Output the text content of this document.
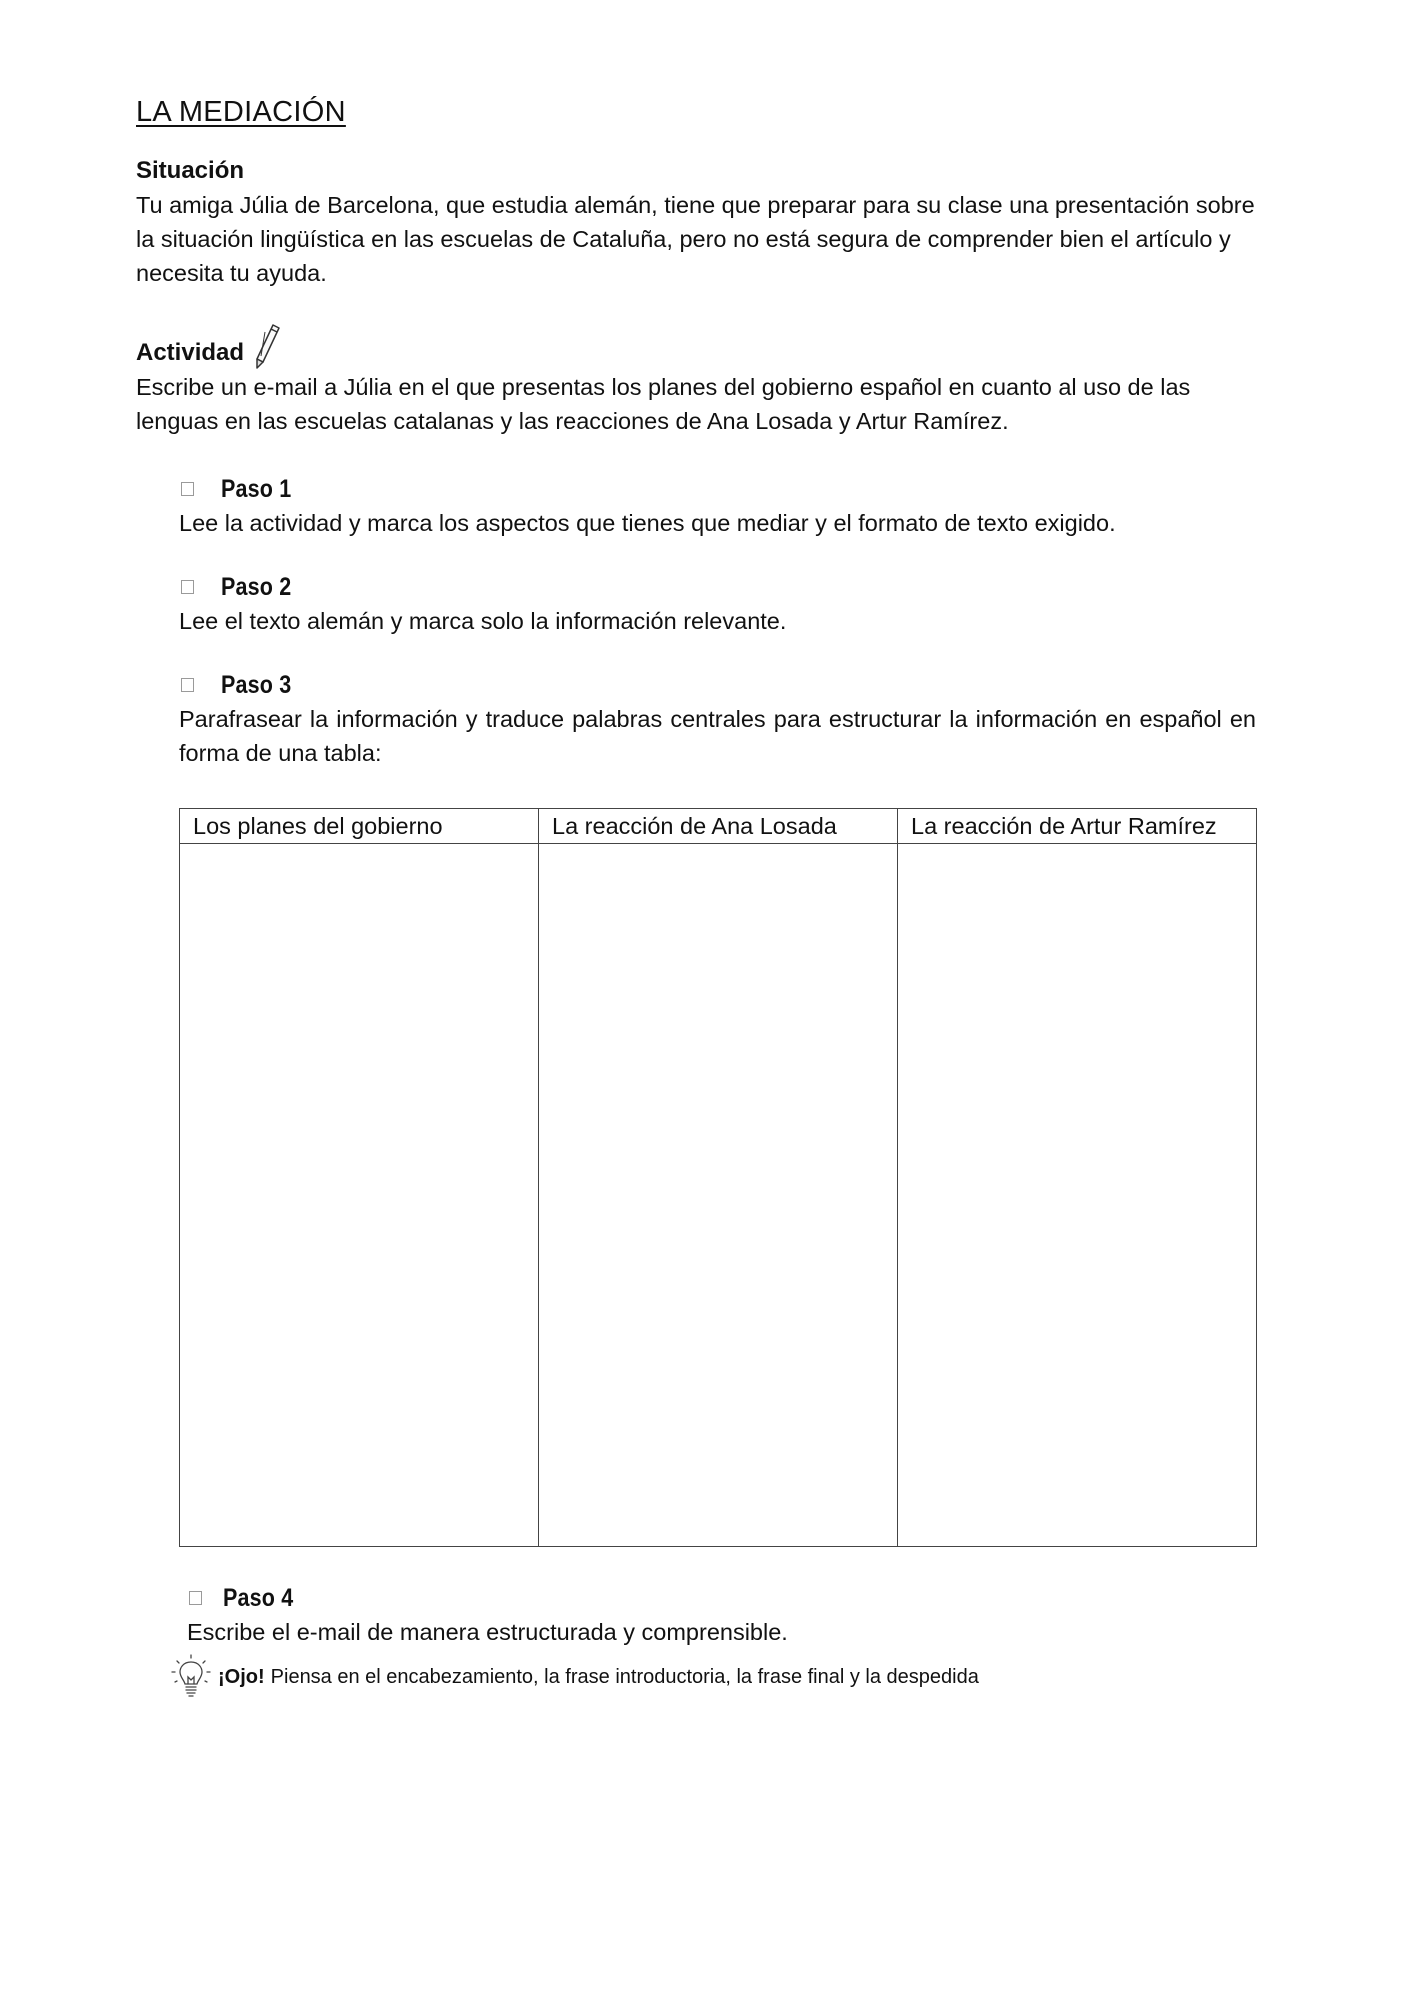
LA MEDIACIÓN

Situación

Tu amiga Júlia de Barcelona, que estudia alemán, tiene que preparar para su clase una presentación sobre la situación lingüística en las escuelas de Cataluña, pero no está segura de comprender bien el artículo y necesita tu ayuda.

Actividad

Escribe un e-mail a Júlia en el que presentas los planes del gobierno español en cuanto al uso de las lenguas en las escuelas catalanas y las reacciones de Ana Losada y Artur Ramírez.

Paso 1

Lee la actividad y marca los aspectos que tienes que mediar y el formato de texto exigido.

Paso 2

Lee el texto alemán y marca solo la información relevante.

Paso 3

Parafrasear la información y traduce palabras centrales para estructurar la información en español en forma de una tabla:

Los planes del gobierno	La reacción de Ana Losada	La reacción de Artur Ramírez

Paso 4

Escribe el e-mail de manera estructurada y comprensible.

¡Ojo! Piensa en el encabezamiento, la frase introductoria, la frase final y la despedida
